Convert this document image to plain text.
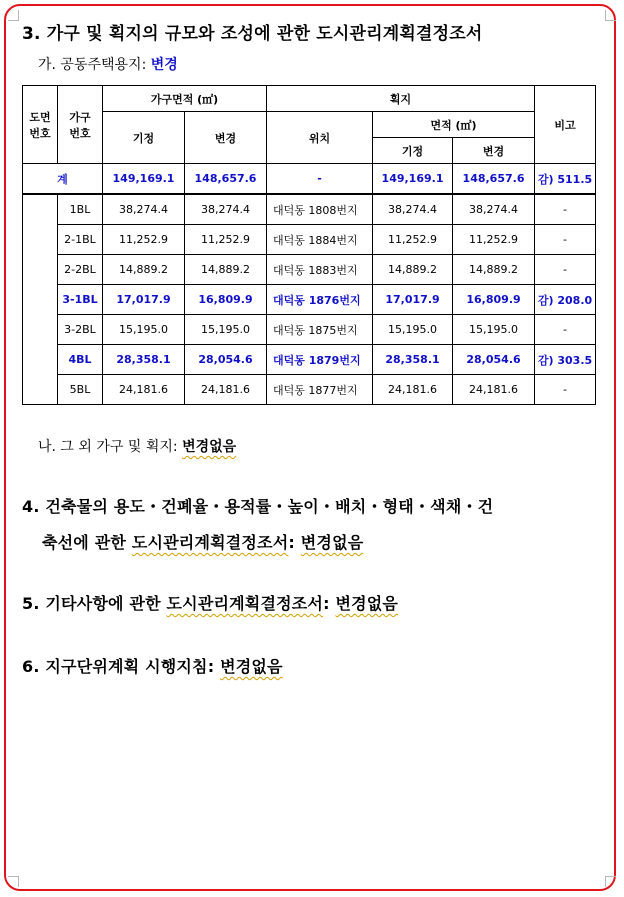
3. 가구 및 획지의 규모와 조성에 관한 도시관리계획결정조서
가. 공동주택용지: 변경
도면
번호	가구
번호	가구면적 (㎡)		획지			비고
		기정	변경	위치	면적 (㎡)		
					기정	변경	
계		149,169.1	148,657.6	-	149,169.1	148,657.6	감) 511.5
	1BL	38,274.4	38,274.4	대덕동 1808번지	38,274.4	38,274.4	-
	2-1BL	11,252.9	11,252.9	대덕동 1884번지	11,252.9	11,252.9	-
	2-2BL	14,889.2	14,889.2	대덕동 1883번지	14,889.2	14,889.2	-
	3-1BL	17,017.9	16,809.9	대덕동 1876번지	17,017.9	16,809.9	감) 208.0
	3-2BL	15,195.0	15,195.0	대덕동 1875번지	15,195.0	15,195.0	-
	4BL	28,358.1	28,054.6	대덕동 1879번지	28,358.1	28,054.6	감) 303.5
	5BL	24,181.6	24,181.6	대덕동 1877번지	24,181.6	24,181.6	-
나. 그 외 가구 및 획지: 변경없음
4. 건축물의 용도・건폐율・용적률・높이・배치・형태・색채・건
축선에 관한 도시관리계획결정조서: 변경없음
5. 기타사항에 관한 도시관리계획결정조서: 변경없음
6. 지구단위계획 시행지침: 변경없음
